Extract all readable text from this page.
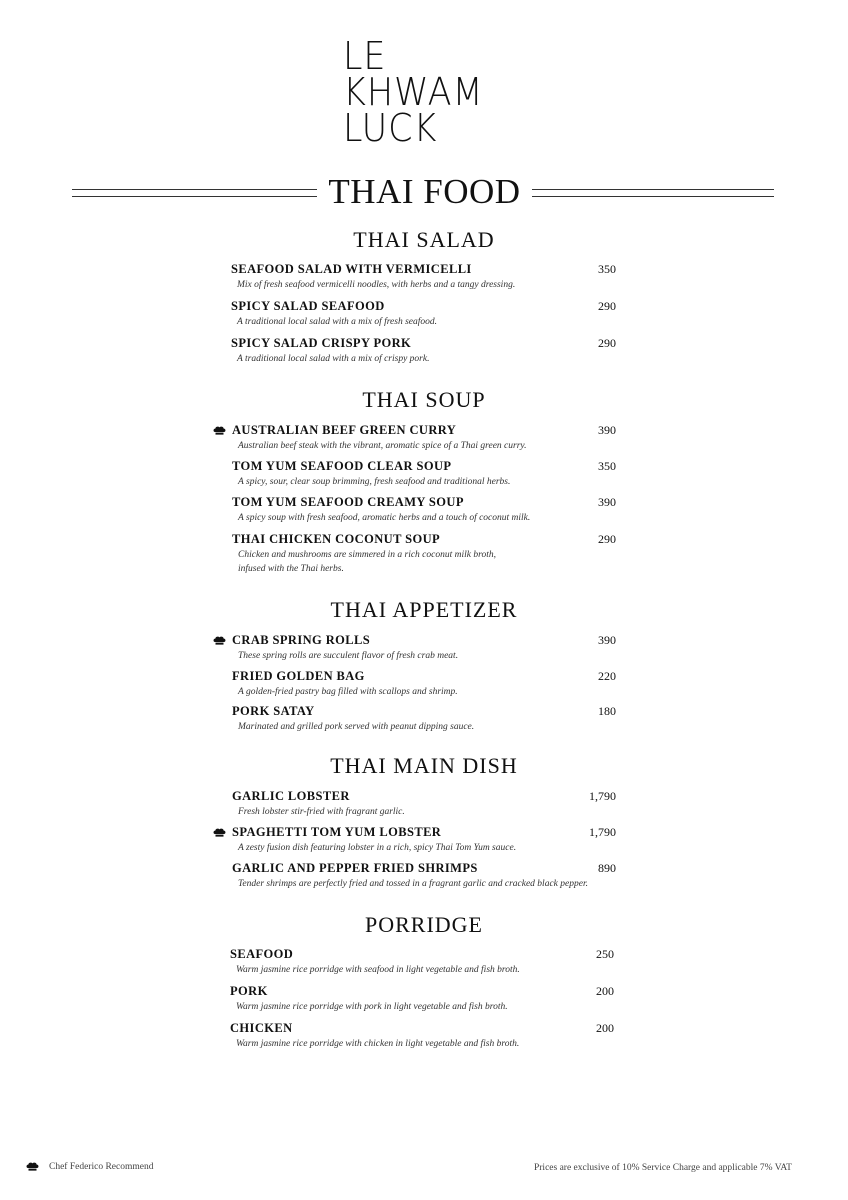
LE
KHWAM
LUCK
THAI FOOD
THAI SALAD
SEAFOOD SALAD WITH VERMICELLI
Mix of fresh seafood vermicelli noodles, with herbs and a tangy dressing.
350
SPICY SALAD SEAFOOD
A traditional local salad with a mix of fresh seafood.
290
SPICY SALAD CRISPY PORK
A traditional local salad with a mix of crispy pork.
290
THAI SOUP
AUSTRALIAN BEEF GREEN CURRY
Australian beef steak with the vibrant, aromatic spice of a Thai green curry.
390
TOM YUM SEAFOOD CLEAR SOUP
A spicy, sour, clear soup brimming, fresh seafood and traditional herbs.
350
TOM YUM SEAFOOD CREAMY SOUP
A spicy soup with fresh seafood, aromatic herbs and a touch of coconut milk.
390
THAI CHICKEN COCONUT SOUP
Chicken and mushrooms are simmered in a rich coconut milk broth,
infused with the Thai herbs.
290
THAI APPETIZER
CRAB SPRING ROLLS
These spring rolls are succulent flavor of fresh crab meat.
390
FRIED GOLDEN BAG
A golden-fried pastry bag filled with scallops and shrimp.
220
PORK SATAY
Marinated and grilled pork served with peanut dipping sauce.
180
THAI MAIN DISH
GARLIC LOBSTER
Fresh lobster stir-fried with fragrant garlic.
1,790
SPAGHETTI TOM YUM LOBSTER
A zesty fusion dish featuring lobster in a rich, spicy Thai Tom Yum sauce.
1,790
GARLIC AND PEPPER FRIED SHRIMPS
Tender shrimps are perfectly fried and tossed in a fragrant garlic and cracked black pepper.
890
PORRIDGE
SEAFOOD
Warm jasmine rice porridge with seafood in light vegetable and fish broth.
250
PORK
Warm jasmine rice porridge with pork in light vegetable and fish broth.
200
CHICKEN
Warm jasmine rice porridge with chicken in light vegetable and fish broth.
200
Chef Federico Recommend	Prices are exclusive of 10% Service Charge and applicable 7% VAT
